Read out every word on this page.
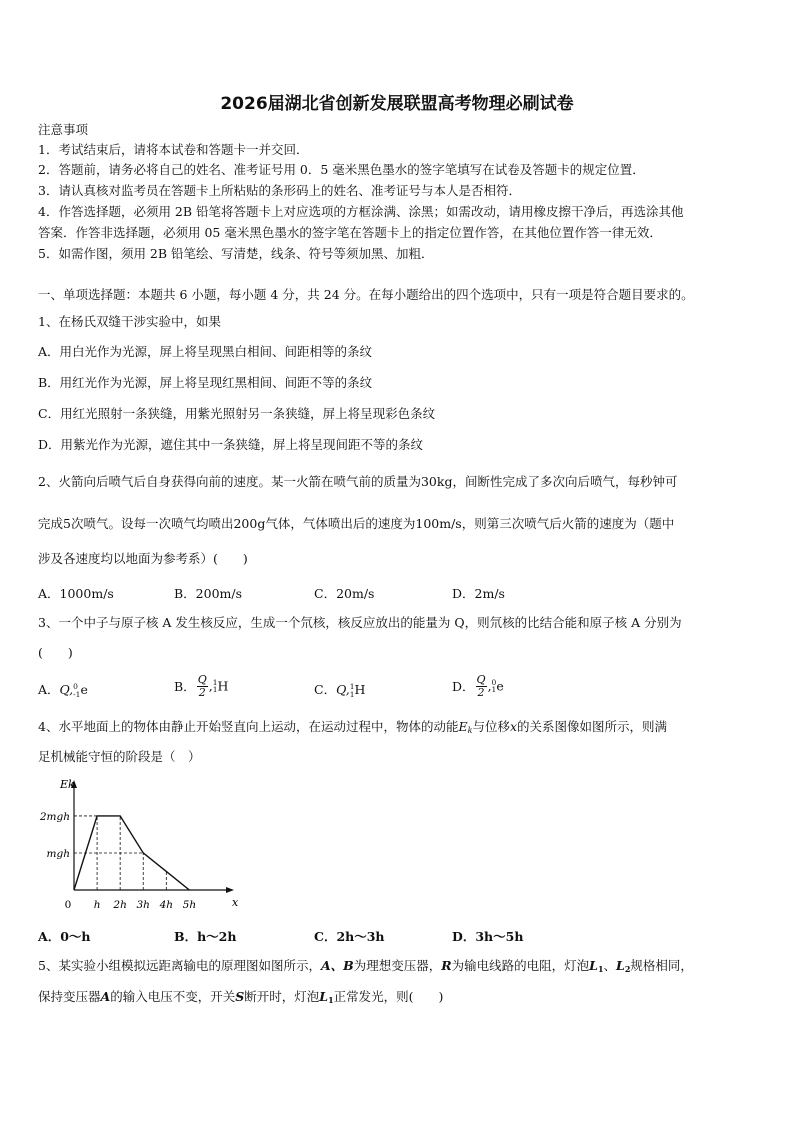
2026届湖北省创新发展联盟高考物理必刷试卷
注意事项
1．考试结束后，请将本试卷和答题卡一并交回．
2．答题前，请务必将自己的姓名、准考证号用 0．5 毫米黑色墨水的签字笔填写在试卷及答题卡的规定位置．
3．请认真核对监考员在答题卡上所粘贴的条形码上的姓名、准考证号与本人是否相符．
4．作答选择题，必须用 2B 铅笔将答题卡上对应选项的方框涂满、涂黑；如需改动，请用橡皮擦干净后，再选涂其他
答案．作答非选择题，必须用 05 毫米黑色墨水的签字笔在答题卡上的指定位置作答，在其他位置作答一律无效．
5．如需作图，须用 2B 铅笔绘、写清楚，线条、符号等须加黑、加粗．
一、单项选择题：本题共 6 小题，每小题 4 分，共 24 分。在每小题给出的四个选项中，只有一项是符合题目要求的。
1、在杨氏双缝干涉实验中，如果
A．用白光作为光源，屏上将呈现黑白相间、间距相等的条纹
B．用红光作为光源，屏上将呈现红黑相间、间距不等的条纹
C．用红光照射一条狭缝，用紫光照射另一条狭缝，屏上将呈现彩色条纹
D．用紫光作为光源，遮住其中一条狭缝，屏上将呈现间距不等的条纹
2、火箭向后喷气后自身获得向前的速度。某一火箭在喷气前的质量为30kg，间断性完成了多次向后喷气，每秒钟可
完成5次喷气。设每一次喷气均喷出200g气体，气体喷出后的速度为100m/s，则第三次喷气后火箭的速度为（题中
涉及各速度均以地面为参考系）(　　)
A．1000m/s	B．200m/s	C．20m/s	D．2m/s
3、一个中子与原子核 A 发生核反应，生成一个氘核，核反应放出的能量为 Q，则氘核的比结合能和原子核 A 分别为
(　　)
A．Q, 0
-1 e	B． $\frac{Q}{2}$ , 1
1 H	C．Q, 1
1 H	D． $\frac{Q}{2}$ , 0
1 e
4、水平地面上的物体由静止开始竖直向上运动，在运动过程中，物体的动能$E_k$与位移x的关系图像如图所示，则满
足机械能守恒的阶段是（　）
Ek
x
mgh
2mgh
0 h 2h 3h 4h 5h
A．0～h	B．h～2h	C．2h～3h	D．3h～5h
5、某实验小组模拟远距离输电的原理图如图所示，A、B为理想变压器，R为输电线路的电阻，灯泡$L_1$、$L_2$规格相同，
保持变压器A的输入电压不变，开关S断开时，灯泡$L_1$正常发光，则(　　)
